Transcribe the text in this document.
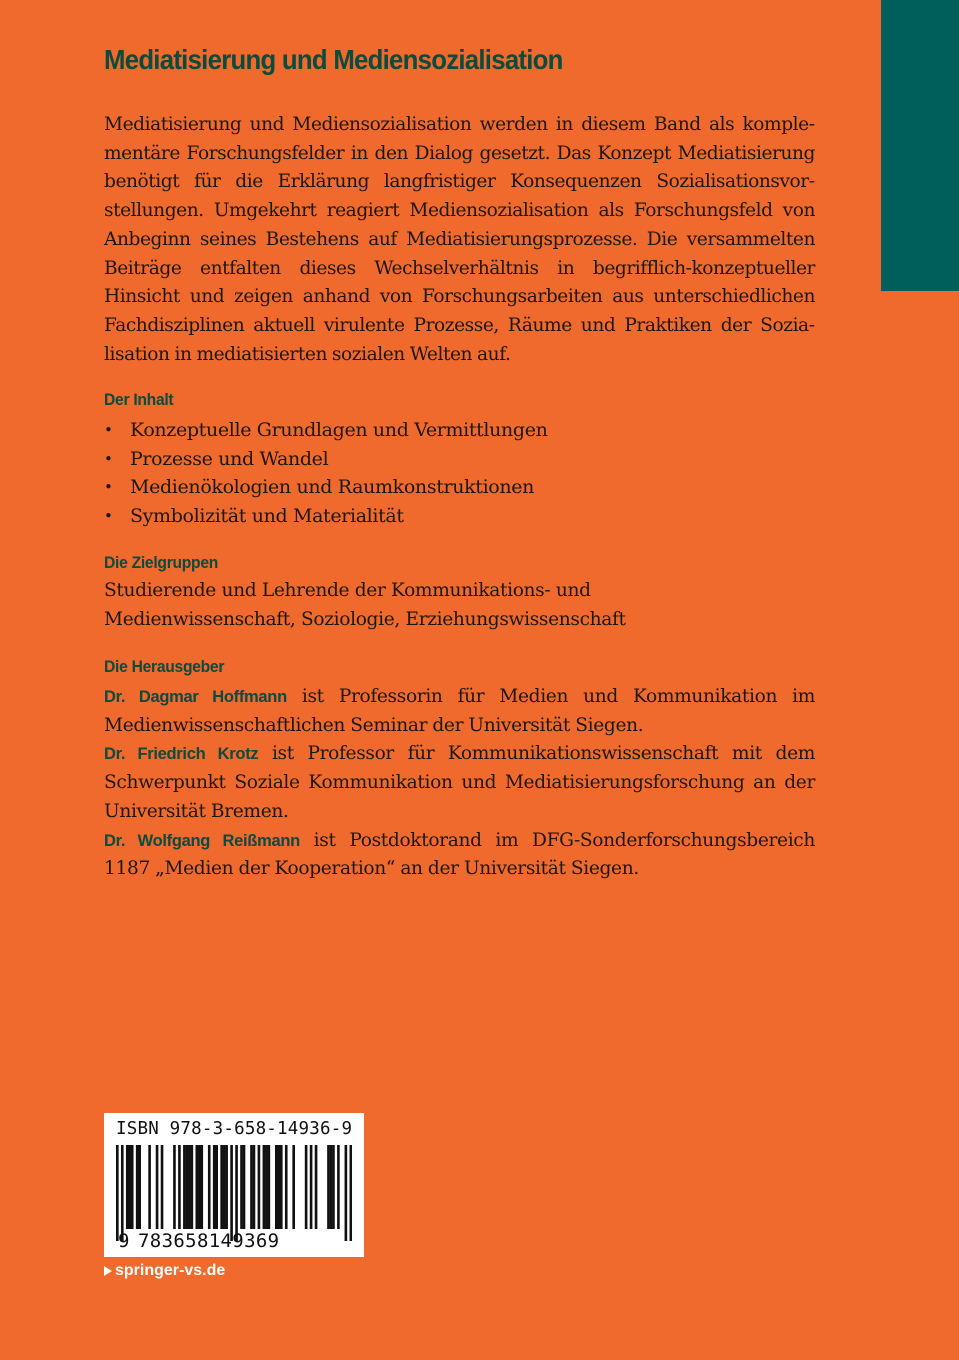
Mediatisierung und Mediensozialisation

Mediatisierung und Mediensozialisation werden in diesem Band als komplementäre Forschungsfelder in den Dialog gesetzt. Das Konzept Mediatisierung benötigt für die Erklärung langfristiger Konsequenzen Sozialisationsvorstellungen. Umgekehrt reagiert Mediensozialisation als Forschungsfeld von Anbeginn seines Bestehens auf Mediatisierungsprozesse. Die versammelten Beiträge entfalten dieses Wechselverhältnis in begrifflich-konzeptueller Hinsicht und zeigen anhand von Forschungsarbeiten aus unterschiedlichen Fachdisziplinen aktuell virulente Prozesse, Räume und Praktiken der Sozialisation in mediatisierten sozialen Welten auf.

Der Inhalt
• Konzeptuelle Grundlagen und Vermittlungen
• Prozesse und Wandel
• Medienökologien und Raumkonstruktionen
• Symbolizität und Materialität
Die Zielgruppen

Studierende und Lehrende der Kommunikations- und

Medienwissenschaft, Soziologie, Erziehungswissenschaft

Die Herausgeber

Dr. Dagmar Hoffmann ist Professorin für Medien und Kommunikation im Medienwissenschaftlichen Seminar der Universität Siegen.

Dr. Friedrich Krotz ist Professor für Kommunikationswissenschaft mit dem Schwerpunkt Soziale Kommunikation und Mediatisierungsforschung an der Universität Bremen.

Dr. Wolfgang Reißmann ist Postdoktorand im DFG-Sonderforschungsbereich 1187 „Medien der Kooperation“ an der Universität Siegen.

ISBN 978-3-658-14936-9

9 783658149369

springer-vs.de
